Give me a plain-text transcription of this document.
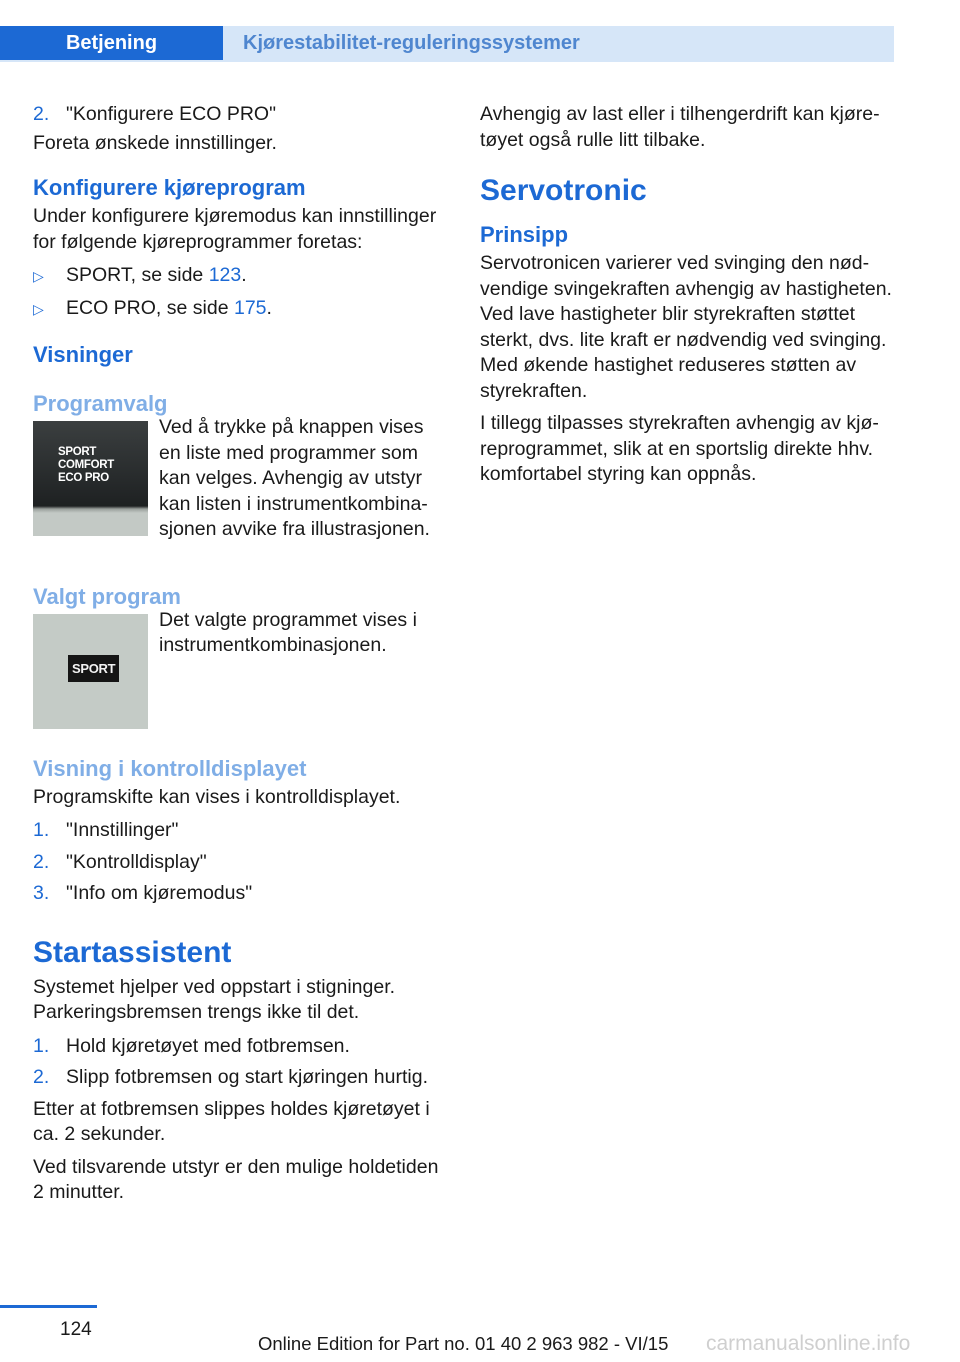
Betjening	Kjørestabilitet-reguleringssystemer
2. "Konfigurere ECO PRO"

Foreta ønskede innstillinger.

Konfigurere kjøreprogram

Under konfigurere kjøremodus kan innstillinger for følgende kjøreprogrammer foretas:

▷	SPORT, se side 123.
▷	ECO PRO, se side 175.
Visninger
Programvalg
SPORT
COMFORT
ECO PRO
Ved å trykke på knappen vises en liste med programmer som kan velges. Avhengig av utstyr kan listen i instrumentkombinasjonen avvike fra illustrasjonen.
Valgt program
SPORT
Det valgte programmet vises i instrumentkombinasjonen.
Visning i kontrolldisplayet

Programskifte kan vises i kontrolldisplayet.

1. "Innstillinger"
2. "Kontrolldisplay"
3. "Info om kjøremodus"
Startassistent

Systemet hjelper ved oppstart i stigninger. Parkeringsbremsen trengs ikke til det.

1. Hold kjøretøyet med fotbremsen.
2. Slipp fotbremsen og start kjøringen hurtig.

Etter at fotbremsen slippes holdes kjøretøyet i ca. 2 sekunder.

Ved tilsvarende utstyr er den mulige holdetiden 2 minutter.

Avhengig av last eller i tilhengerdrift kan kjøretøyet også rulle litt tilbake.

Servotronic
Prinsipp

Servotronicen varierer ved svinging den nødvendige svingekraften avhengig av hastigheten. Ved lave hastigheter blir styrekraften støttet sterkt, dvs. lite kraft er nødvendig ved svinging. Med økende hastighet reduseres støtten av styrekraften.

I tillegg tilpasses styrekraften avhengig av kjøreprogrammet, slik at en sportslig direkte hhv. komfortabel styring kan oppnås.

124
Online Edition for Part no. 01 40 2 963 982 - VI/15 carmanualsonline.info
